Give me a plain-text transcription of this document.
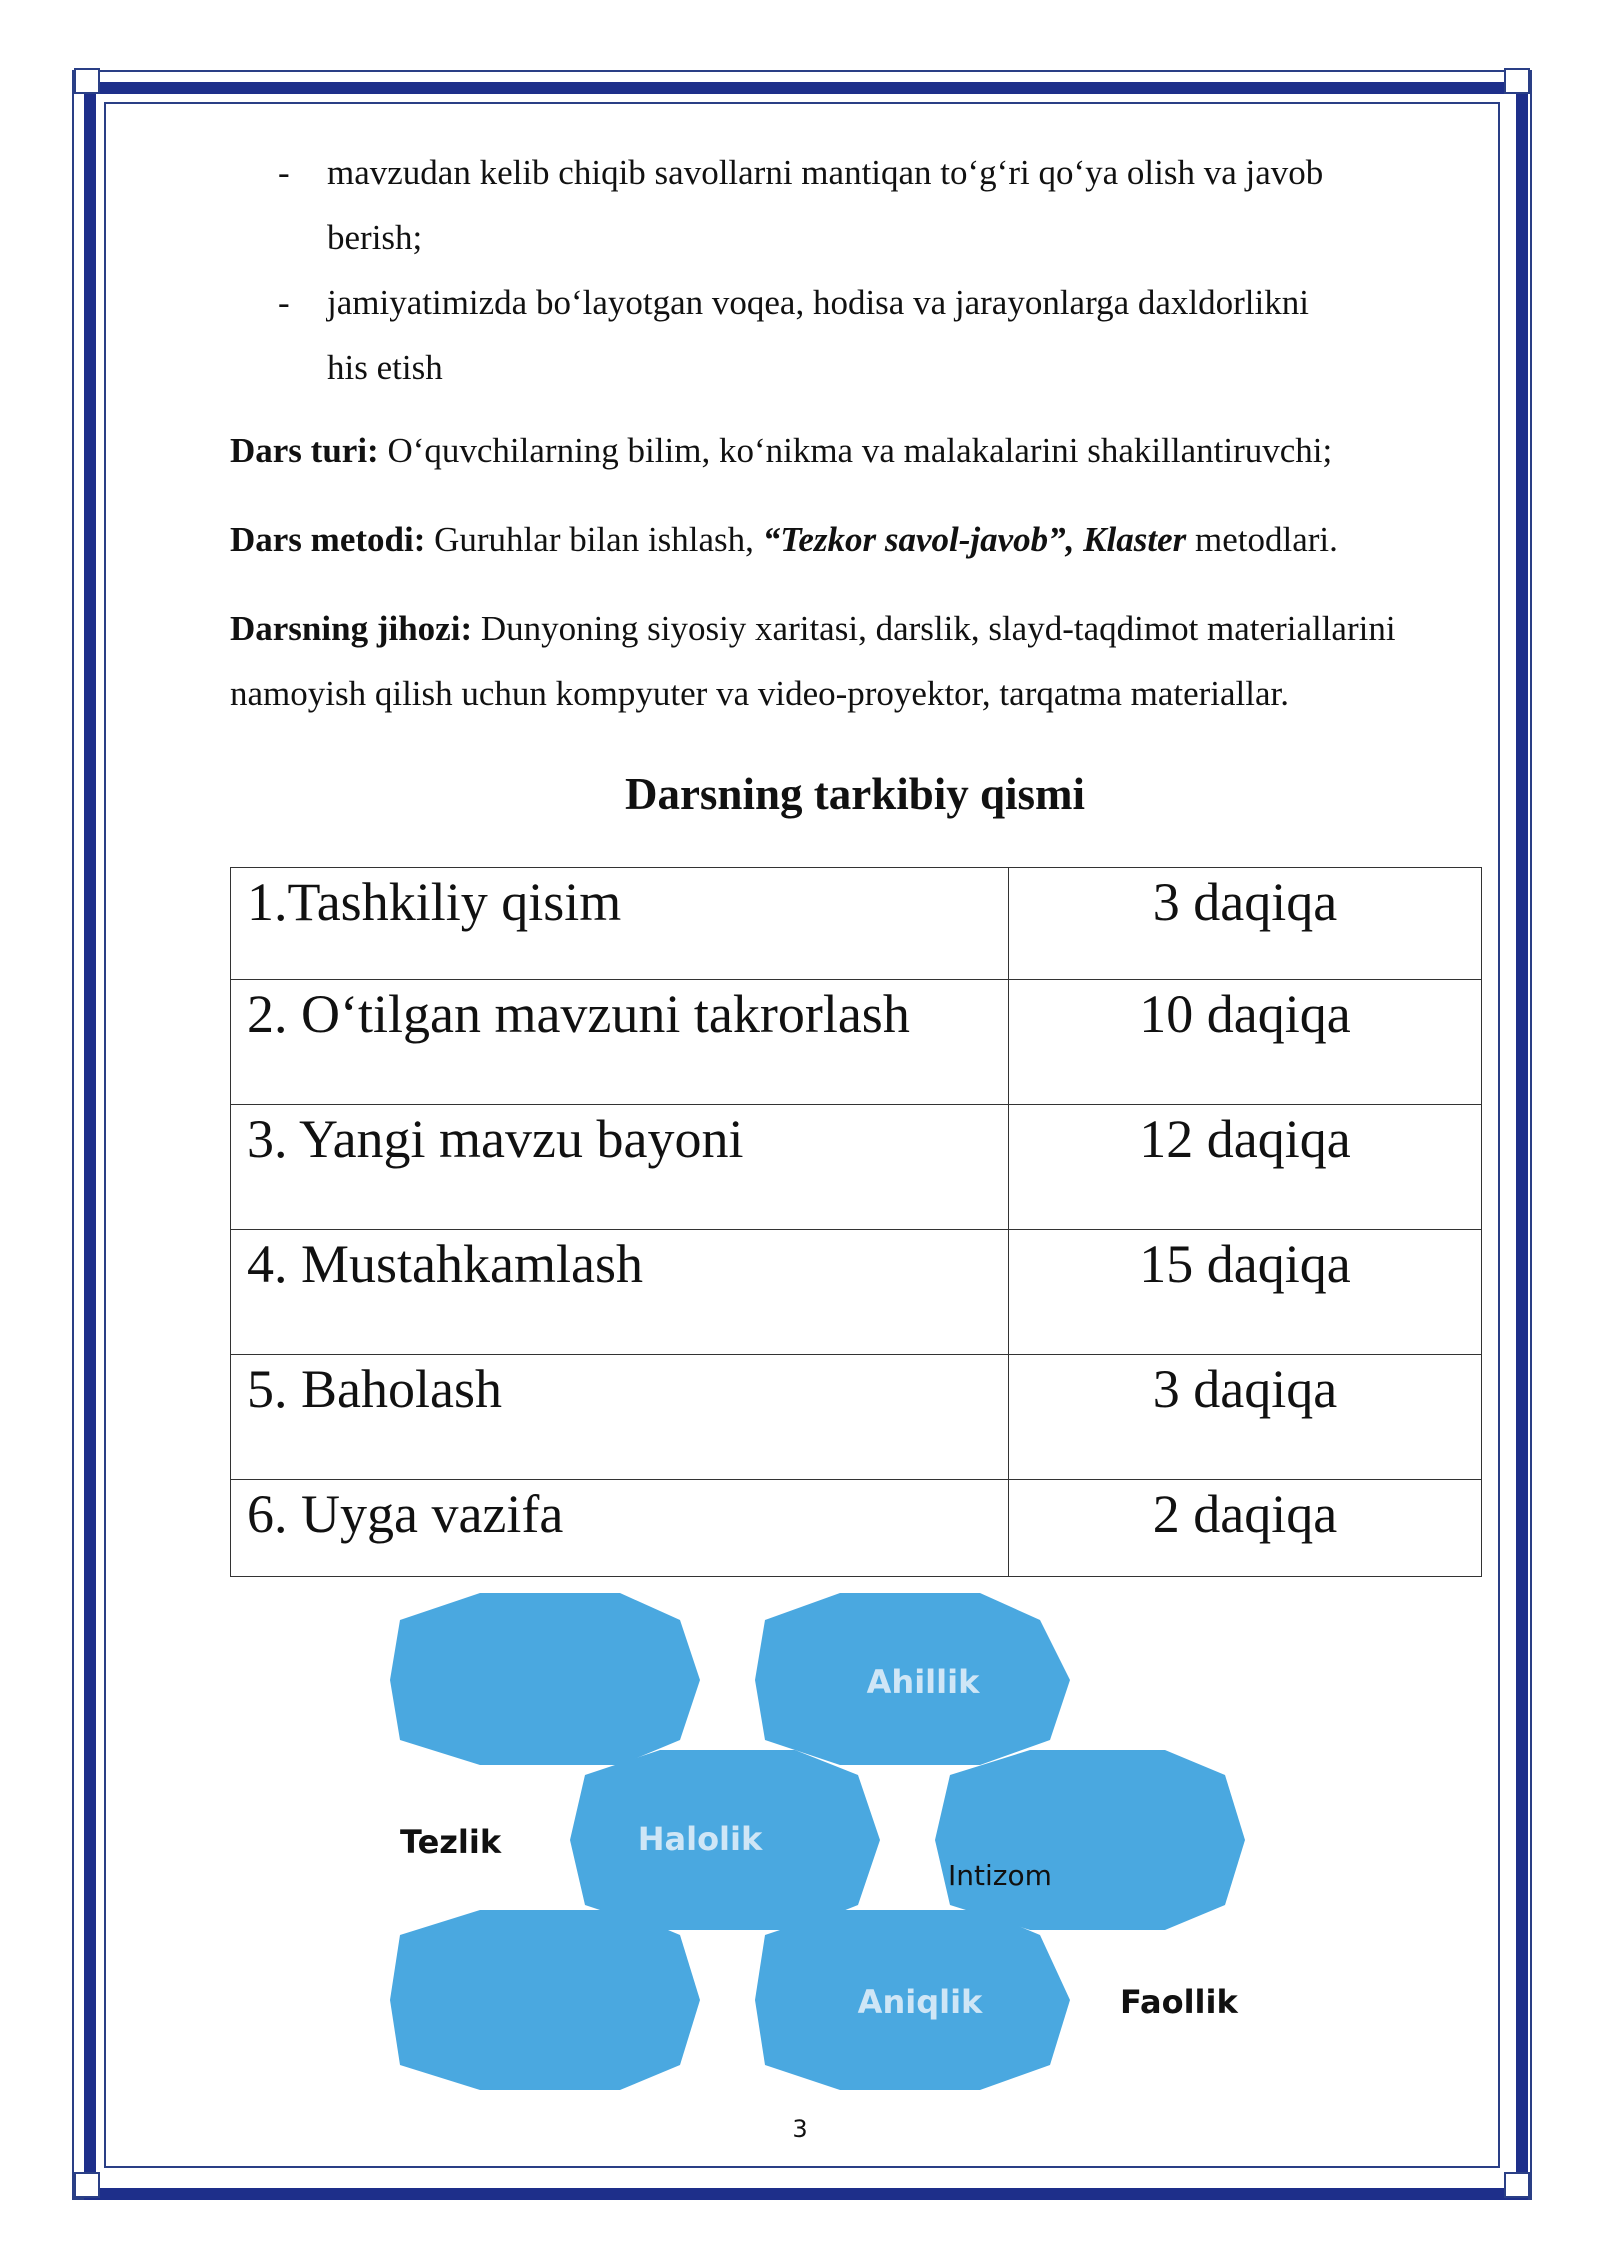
- mavzudan kelib chiqib savollarni mantiqan to‘g‘ri qo‘ya olish va javob berish;
- jamiyatimizda bo‘layotgan voqea, hodisa va jarayonlarga daxldorlikni his etish

Dars turi: O‘quvchilarning bilim, ko‘nikma va malakalarini shakillantiruvchi;

Dars metodi: Guruhlar bilan ishlash, “Tezkor savol-javob”, Klaster metodlari.

Darsning jihozi: Dunyoning siyosiy xaritasi, darslik, slayd-taqdimot materiallarini namoyish qilish uchun kompyuter va video-proyektor, tarqatma materiallar.

Darsning tarkibiy qismi
1.Tashkiliy qisim	3 daqiqa
2. O‘tilgan mavzuni takrorlash	10 daqiqa
3. Yangi mavzu bayoni	12 daqiqa
4. Mustahkamlash	15 daqiqa
5. Baholash	3 daqiqa
6. Uyga vazifa	2 daqiqa
Ahillik
Halolik
Aniqlik
Tezlik
Faollik
Intizom
3
